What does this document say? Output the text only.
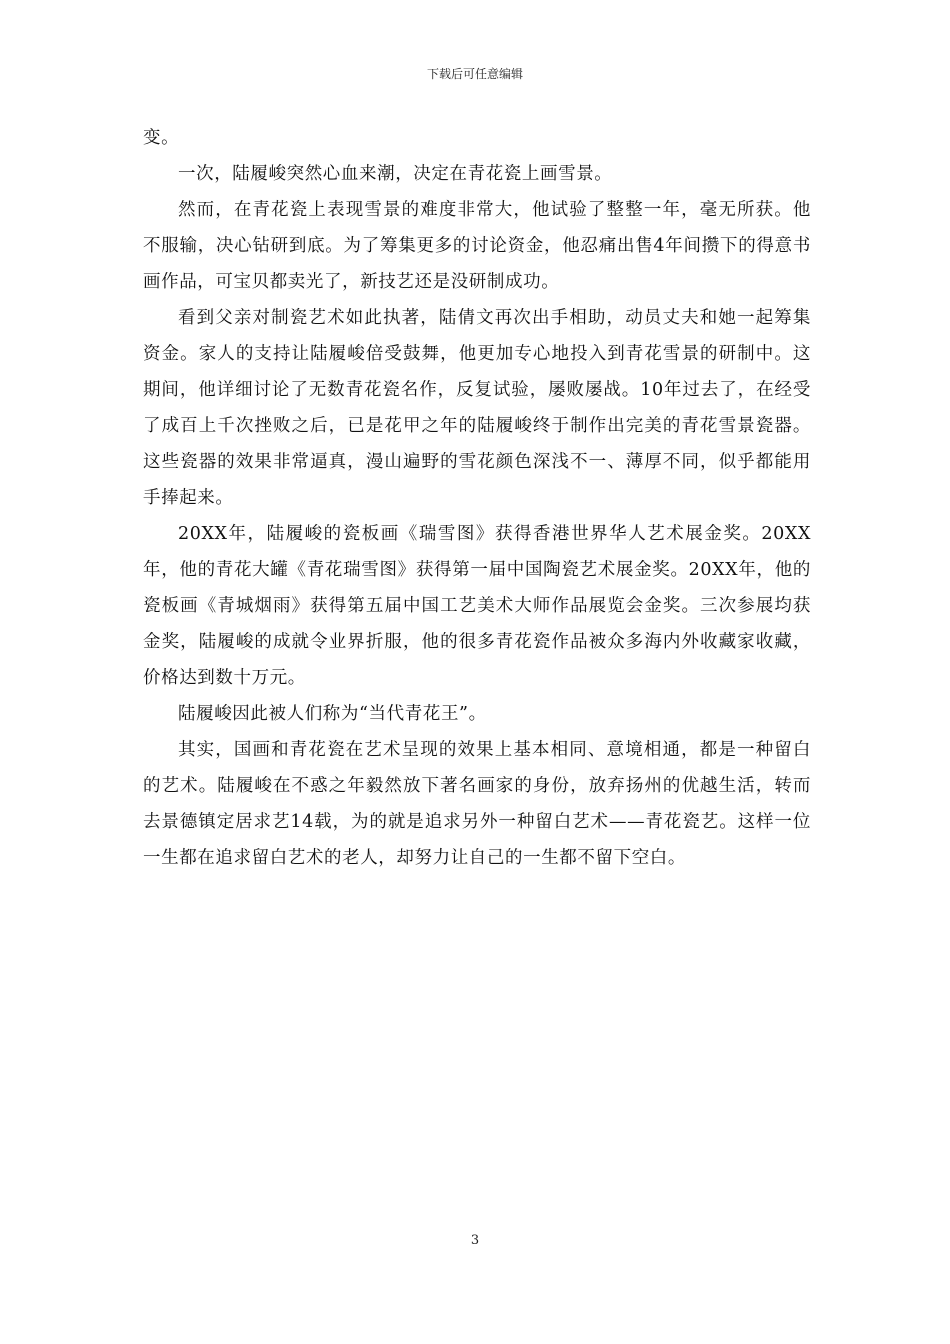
下载后可任意编辑

变。

一次，陆履峻突然心血来潮，决定在青花瓷上画雪景。

然而，在青花瓷上表现雪景的难度非常大，他试验了整整一年，毫无所获。他不服输，决心钻研到底。为了筹集更多的讨论资金，他忍痛出售4年间攒下的得意书画作品，可宝贝都卖光了，新技艺还是没研制成功。

看到父亲对制瓷艺术如此执著，陆倩文再次出手相助，动员丈夫和她一起筹集资金。家人的支持让陆履峻倍受鼓舞，他更加专心地投入到青花雪景的研制中。这期间，他详细讨论了无数青花瓷名作，反复试验，屡败屡战。10年过去了，在经受了成百上千次挫败之后，已是花甲之年的陆履峻终于制作出完美的青花雪景瓷器。这些瓷器的效果非常逼真，漫山遍野的雪花颜色深浅不一、薄厚不同，似乎都能用手捧起来。

20XX年，陆履峻的瓷板画《瑞雪图》获得香港世界华人艺术展金奖。20XX年，他的青花大罐《青花瑞雪图》获得第一届中国陶瓷艺术展金奖。20XX年，他的瓷板画《青城烟雨》获得第五届中国工艺美术大师作品展览会金奖。三次参展均获金奖，陆履峻的成就令业界折服，他的很多青花瓷作品被众多海内外收藏家收藏，价格达到数十万元。

陆履峻因此被人们称为“当代青花王”。

其实，国画和青花瓷在艺术呈现的效果上基本相同、意境相通，都是一种留白的艺术。陆履峻在不惑之年毅然放下著名画家的身份，放弃扬州的优越生活，转而去景德镇定居求艺14载，为的就是追求另外一种留白艺术——青花瓷艺。这样一位一生都在追求留白艺术的老人，却努力让自己的一生都不留下空白。

3
